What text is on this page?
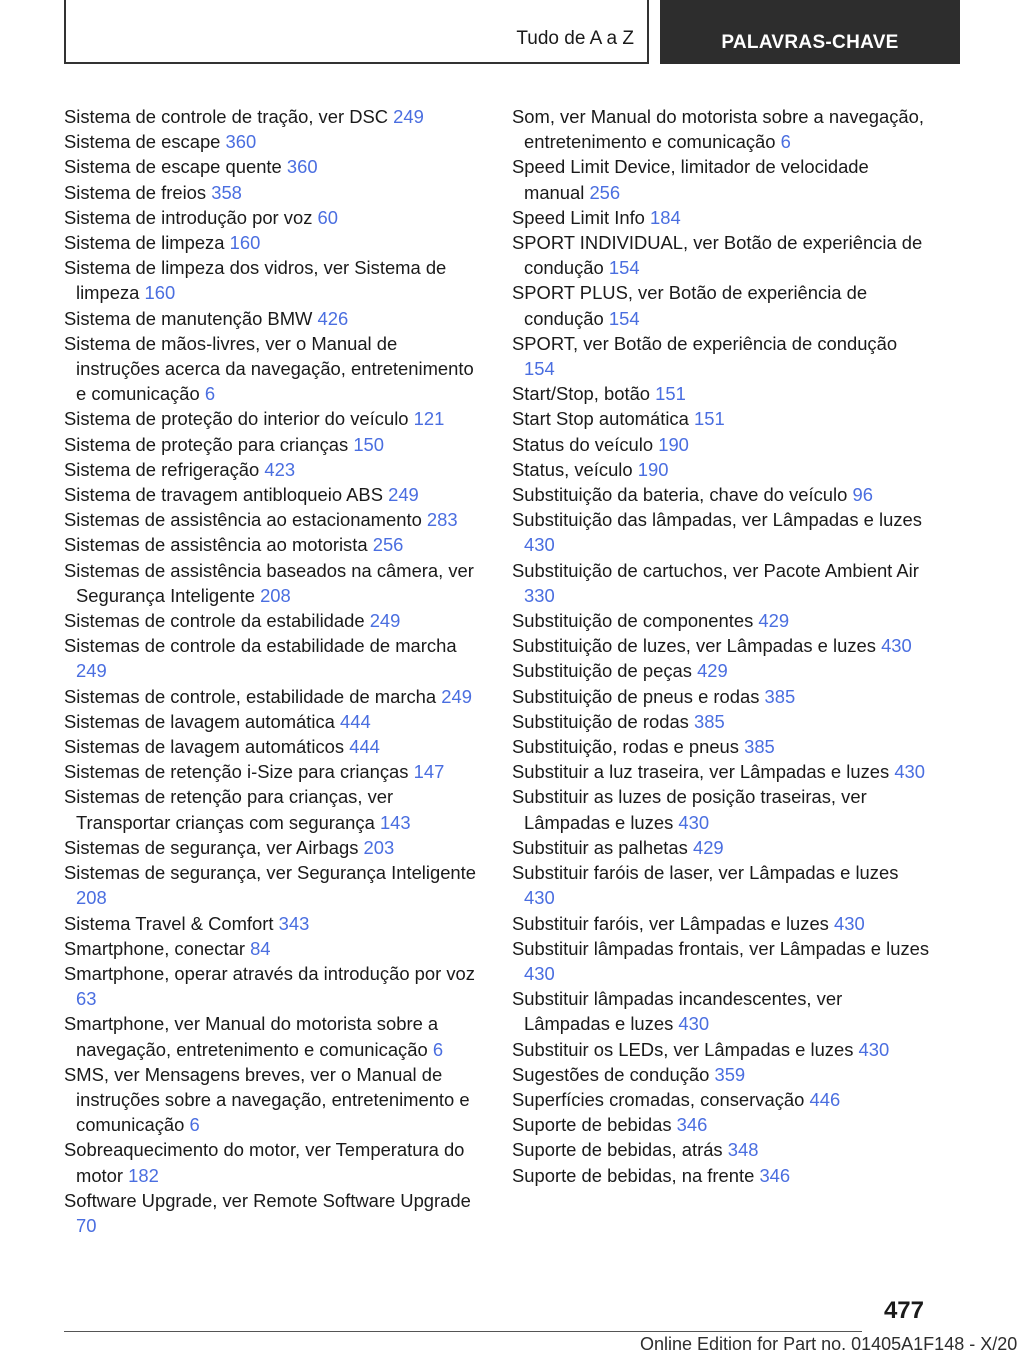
Tudo de A a Z	PALAVRAS-CHAVE
Sistema de controle de tração, ver DSC 249
Sistema de escape 360
Sistema de escape quente 360
Sistema de freios 358
Sistema de introdução por voz 60
Sistema de limpeza 160
Sistema de limpeza dos vidros, ver Sistema de limpeza 160
Sistema de manutenção BMW 426
Sistema de mãos-livres, ver o Manual de instruções acerca da navegação, entretenimento e comunicação 6
Sistema de proteção do interior do veículo 121
Sistema de proteção para crianças 150
Sistema de refrigeração 423
Sistema de travagem antibloqueio ABS 249
Sistemas de assistência ao estacionamento 283
Sistemas de assistência ao motorista 256
Sistemas de assistência baseados na câmera, ver Segurança Inteligente 208
Sistemas de controle da estabilidade 249
Sistemas de controle da estabilidade de marcha 249
Sistemas de controle, estabilidade de marcha 249
Sistemas de lavagem automática 444
Sistemas de lavagem automáticos 444
Sistemas de retenção i-Size para crianças 147
Sistemas de retenção para crianças, ver Transportar crianças com segurança 143
Sistemas de segurança, ver Airbags 203
Sistemas de segurança, ver Segurança Inteligente 208
Sistema Travel & Comfort 343
Smartphone, conectar 84
Smartphone, operar através da introdução por voz 63
Smartphone, ver Manual do motorista sobre a navegação, entretenimento e comunicação 6
SMS, ver Mensagens breves, ver o Manual de instruções sobre a navegação, entretenimento e comunicação 6
Sobreaquecimento do motor, ver Temperatura do motor 182
Software Upgrade, ver Remote Software Upgrade 70
Som, ver Manual do motorista sobre a navegação, entretenimento e comunicação 6
Speed Limit Device, limitador de velocidade manual 256
Speed Limit Info 184
SPORT INDIVIDUAL, ver Botão de experiência de condução 154
SPORT PLUS, ver Botão de experiência de condução 154
SPORT, ver Botão de experiência de condução 154
Start/Stop, botão 151
Start Stop automática 151
Status do veículo 190
Status, veículo 190
Substituição da bateria, chave do veículo 96
Substituição das lâmpadas, ver Lâmpadas e luzes 430
Substituição de cartuchos, ver Pacote Ambient Air 330
Substituição de componentes 429
Substituição de luzes, ver Lâmpadas e luzes 430
Substituição de peças 429
Substituição de pneus e rodas 385
Substituição de rodas 385
Substituição, rodas e pneus 385
Substituir a luz traseira, ver Lâmpadas e luzes 430
Substituir as luzes de posição traseiras, ver Lâmpadas e luzes 430
Substituir as palhetas 429
Substituir faróis de laser, ver Lâmpadas e luzes 430
Substituir faróis, ver Lâmpadas e luzes 430
Substituir lâmpadas frontais, ver Lâmpadas e luzes 430
Substituir lâmpadas incandescentes, ver Lâmpadas e luzes 430
Substituir os LEDs, ver Lâmpadas e luzes 430
Sugestões de condução 359
Superfícies cromadas, conservação 446
Suporte de bebidas 346
Suporte de bebidas, atrás 348
Suporte de bebidas, na frente 346
477
Online Edition for Part no. 01405A1F148 - X/20
